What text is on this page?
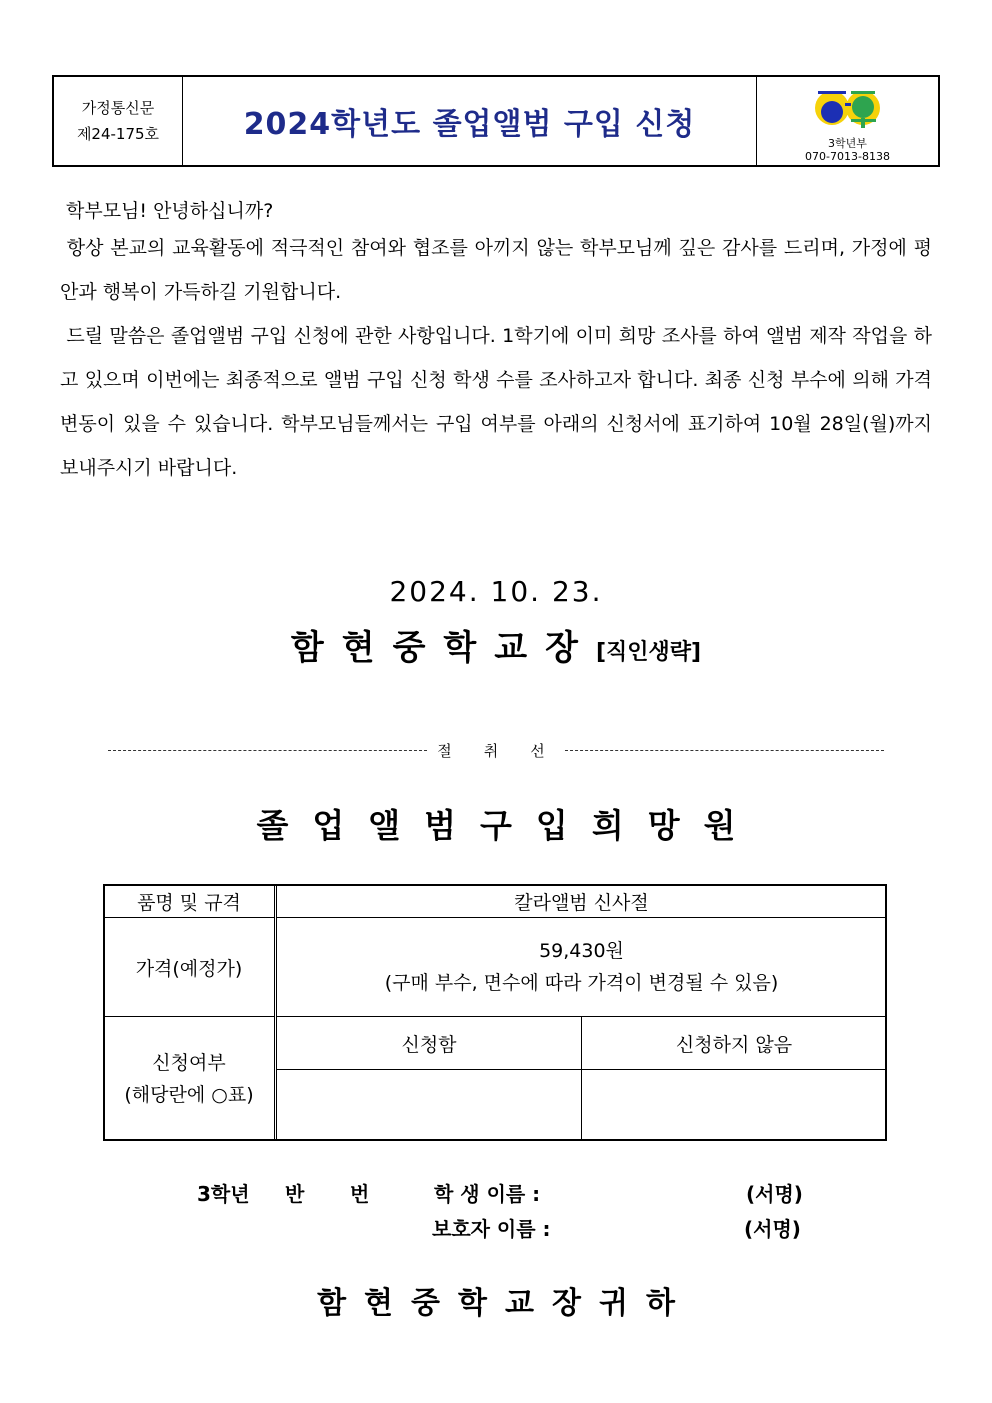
가정통신문
제24-175호	2024학년도 졸업앨범 구입 신청
3학년부
070-7013-8138

학부모님! 안녕하십니까?

항상 본교의 교육활동에 적극적인 참여와 협조를 아끼지 않는 학부모님께 깊은 감사를 드리며, 가정에 평안과 행복이 가득하길 기원합니다.

드릴 말씀은 졸업앨범 구입 신청에 관한 사항입니다. 1학기에 이미 희망 조사를 하여 앨범 제작 작업을 하고 있으며 이번에는 최종적으로 앨범 구입 신청 학생 수를 조사하고자 합니다. 최종 신청 부수에 의해 가격 변동이 있을 수 있습니다. 학부모님들께서는 구입 여부를 아래의 신청서에 표기하여 10월 28일(월)까지 보내주시기 바랍니다.

2024. 10. 23.
함현중학교장[직인생략]
절취선
졸업앨범구입희망원
품명 및 규격	칼라앨범 신사절	
가격(예정가)	59,430원
(구매 부수, 면수에 따라 가격이 변경될 수 있음)	

신청여부
(해당란에 ○표)	신청함	신청하지 않음

3학년 반 번	학 생 이름 :	(서명)
보호자 이름 :	(서명)
함현중학교장귀하
